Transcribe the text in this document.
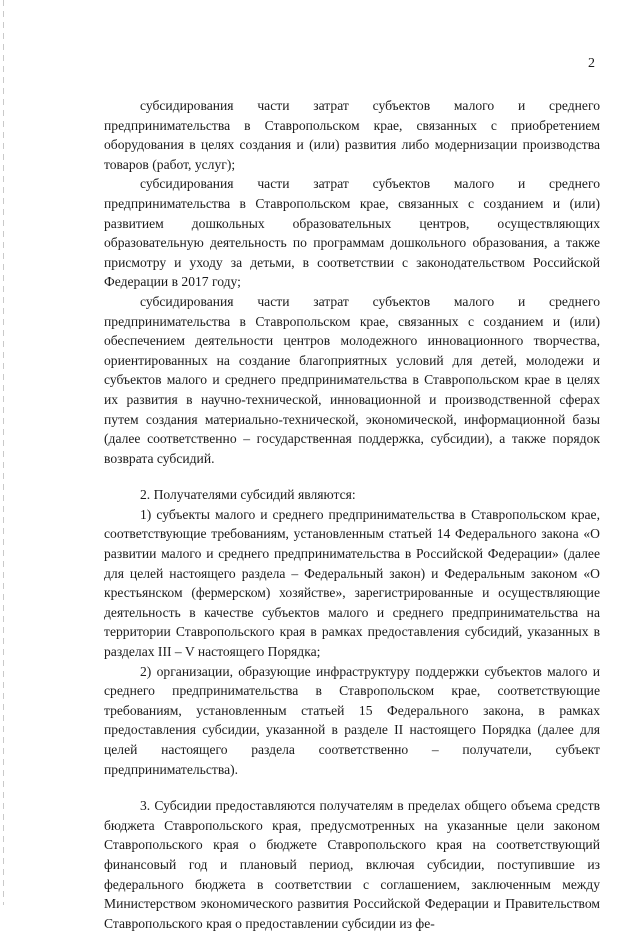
2

субсидирования части затрат субъектов малого и среднего предпринимательства в Ставропольском крае, связанных с приобретением оборудования в целях создания и (или) развития либо модернизации производства товаров (работ, услуг);

субсидирования части затрат субъектов малого и среднего предпринимательства в Ставропольском крае, связанных с созданием и (или) развитием дошкольных образовательных центров, осуществляющих образовательную деятельность по программам дошкольного образования, а также присмотру и уходу за детьми, в соответствии с законодательством Российской Федерации в 2017 году;

субсидирования части затрат субъектов малого и среднего предпринимательства в Ставропольском крае, связанных с созданием и (или) обеспечением деятельности центров молодежного инновационного творчества, ориентированных на создание благоприятных условий для детей, молодежи и субъектов малого и среднего предпринимательства в Ставропольском крае в целях их развития в научно-технической, инновационной и производственной сферах путем создания материально-технической, экономической, информационной базы (далее соответственно – государственная поддержка, субсидии), а также порядок возврата субсидий.

2. Получателями субсидий являются:

1) субъекты малого и среднего предпринимательства в Ставропольском крае, соответствующие требованиям, установленным статьей 14 Федерального закона «О развитии малого и среднего предпринимательства в Российской Федерации» (далее для целей настоящего раздела – Федеральный закон) и Федеральным законом «О крестьянском (фермерском) хозяйстве», зарегистрированные и осуществляющие деятельность в качестве субъектов малого и среднего предпринимательства на территории Ставропольского края в рамках предоставления субсидий, указанных в разделах III – V настоящего Порядка;

2) организации, образующие инфраструктуру поддержки субъектов малого и среднего предпринимательства в Ставропольском крае, соответствующие требованиям, установленным статьей 15 Федерального закона, в рамках предоставления субсидии, указанной в разделе II настоящего Порядка (далее для целей настоящего раздела соответственно – получатели, субъект предпринимательства).

3. Субсидии предоставляются получателям в пределах общего объема средств бюджета Ставропольского края, предусмотренных на указанные цели законом Ставропольского края о бюджете Ставропольского края на соответствующий финансовый год и плановый период, включая субсидии, поступившие из федерального бюджета в соответствии с соглашением, заключенным между Министерством экономического развития Российской Федерации и Правительством Ставропольского края о предоставлении субсидии из фе-
